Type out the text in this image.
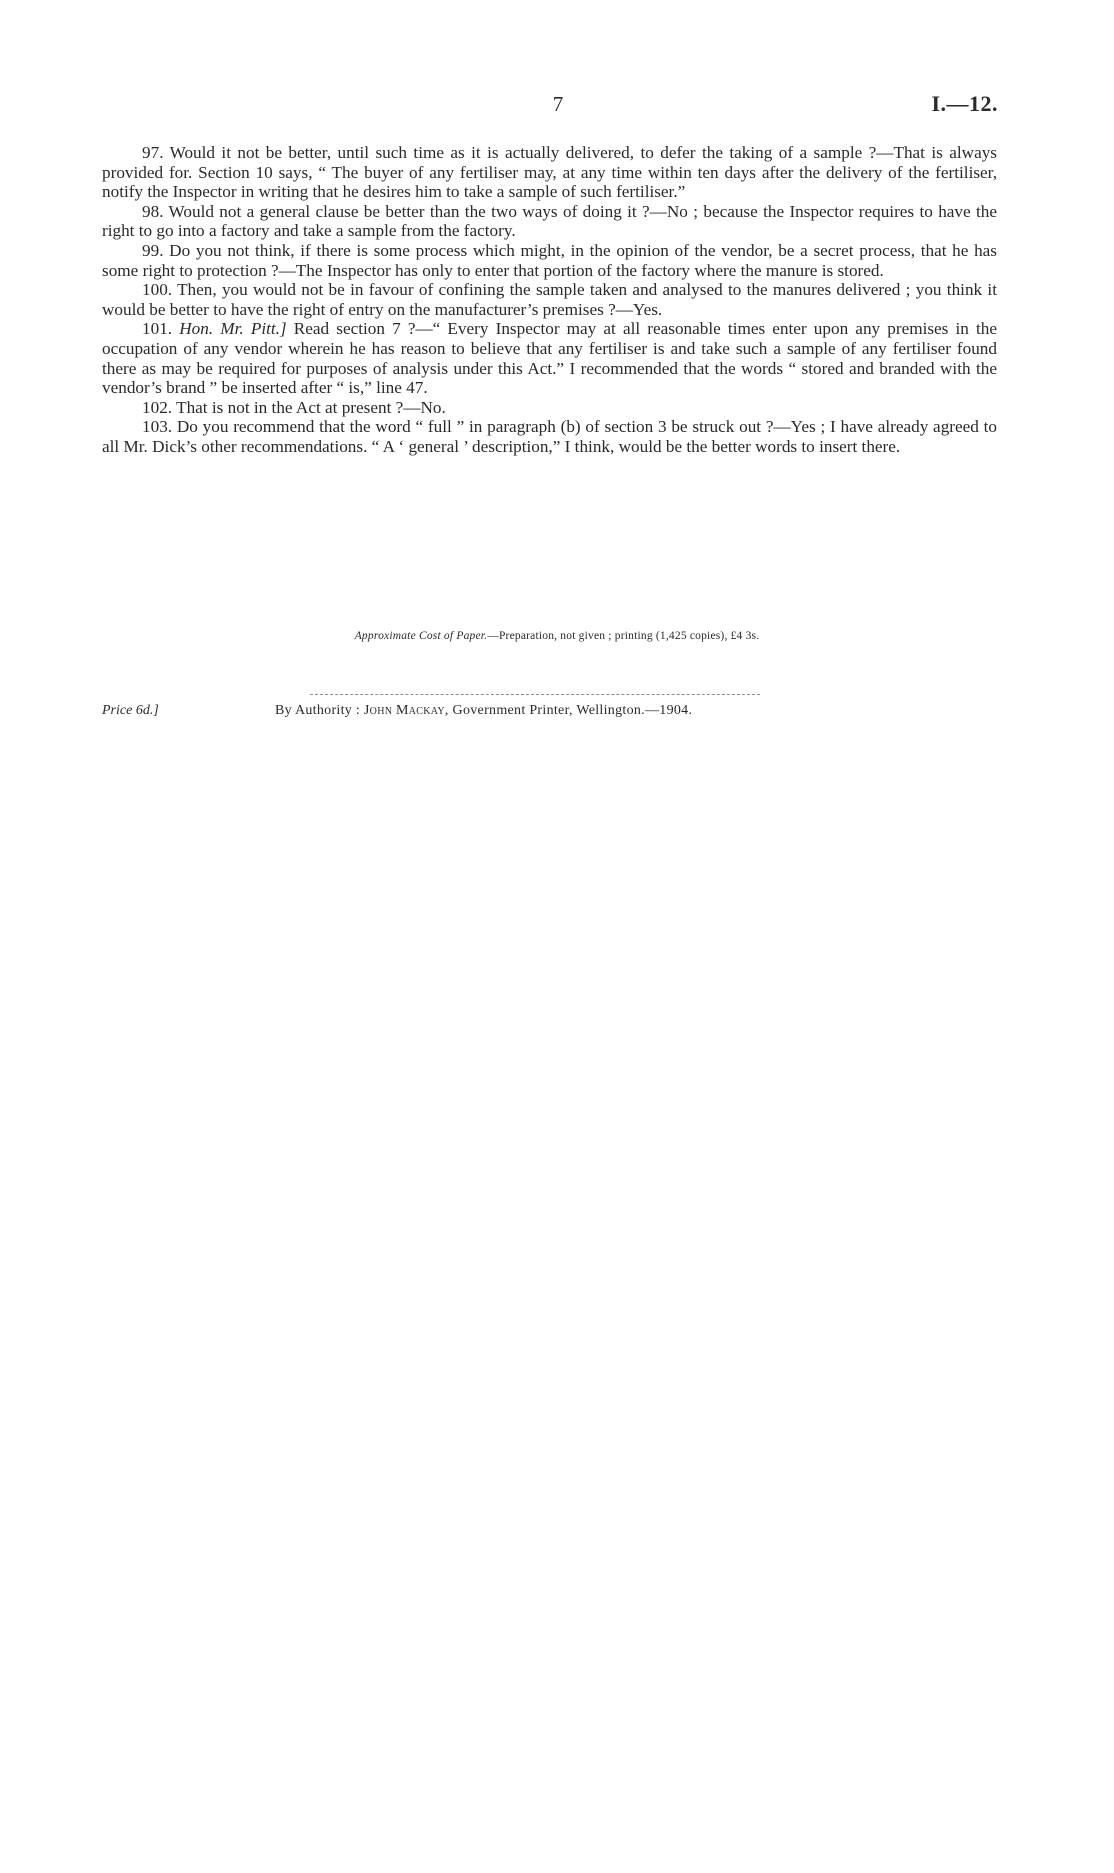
7	I.—12.

97. Would it not be better, until such time as it is actually delivered, to defer the taking of a sample ?—That is always provided for. Section 10 says, “ The buyer of any fertiliser may, at any time within ten days after the delivery of the fertiliser, notify the Inspector in writing that he desires him to take a sample of such fertiliser.”

98. Would not a general clause be better than the two ways of doing it ?—No ; because the Inspector requires to have the right to go into a factory and take a sample from the factory.

99. Do you not think, if there is some process which might, in the opinion of the vendor, be a secret process, that he has some right to protection ?—The Inspector has only to enter that portion of the factory where the manure is stored.

100. Then, you would not be in favour of confining the sample taken and analysed to the manures delivered ; you think it would be better to have the right of entry on the manufacturer’s premises ?—Yes.

101. Hon. Mr. Pitt.] Read section 7 ?—“ Every Inspector may at all reasonable times enter upon any premises in the occupation of any vendor wherein he has reason to believe that any fertiliser is and take such a sample of any fertiliser found there as may be required for purposes of analysis under this Act.” I recommended that the words “ stored and branded with the vendor’s brand ” be inserted after “ is,” line 47.

102. That is not in the Act at present ?—No.

103. Do you recommend that the word “ full ” in paragraph (b) of section 3 be struck out ?—Yes ; I have already agreed to all Mr. Dick’s other recommendations. “ A ‘ general ’ description,” I think, would be the better words to insert there.

Approximate Cost of Paper.—Preparation, not given ; printing (1,425 copies), £4 3s.
Price 6d.]	By Authority : John Mackay, Government Printer, Wellington.—1904.
